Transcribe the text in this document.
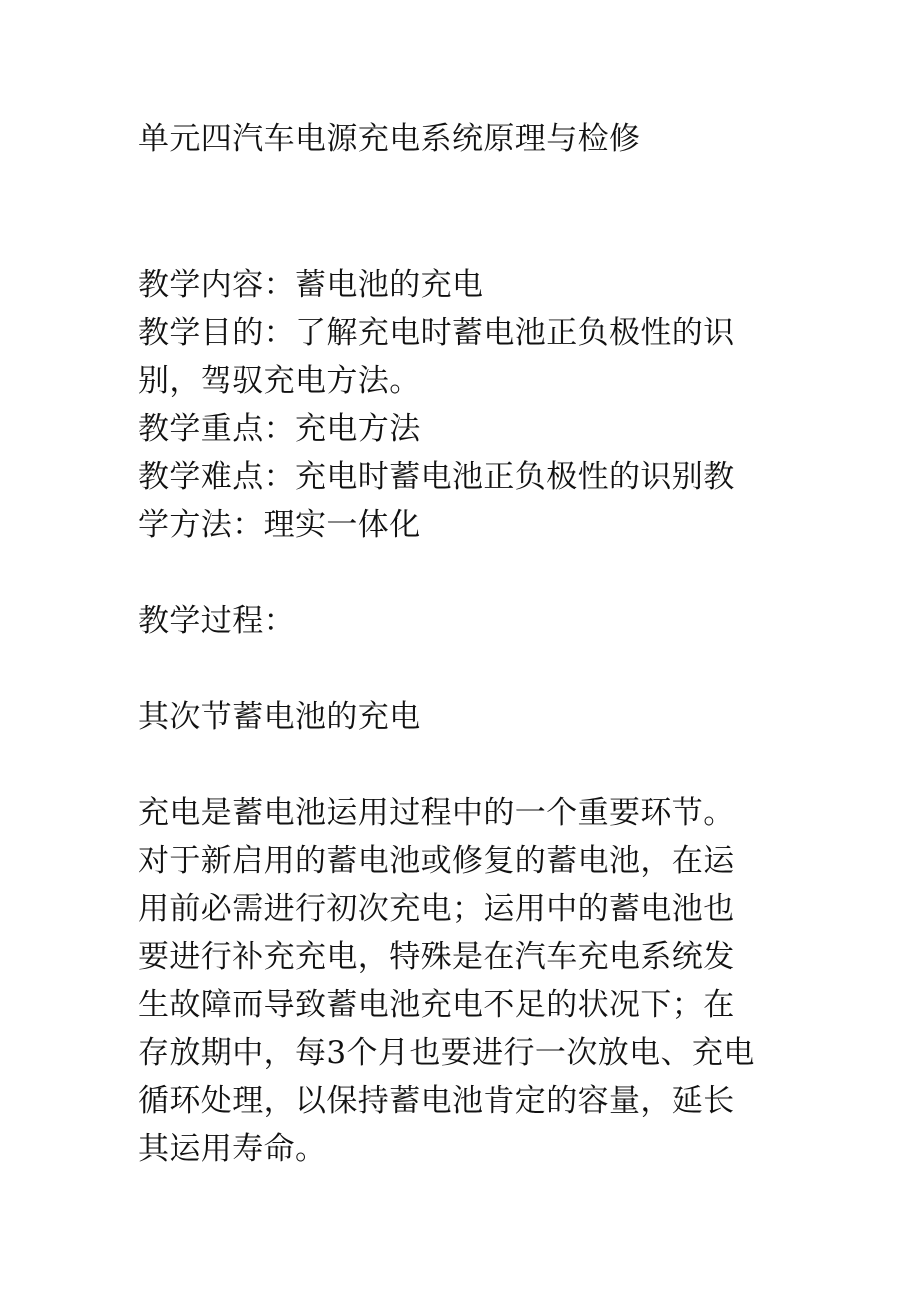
单元四汽车电源充电系统原理与检修

教学内容：蓄电池的充电

教学目的：了解充电时蓄电池正负极性的识

别，驾驭充电方法。

教学重点：充电方法

教学难点：充电时蓄电池正负极性的识别教

学方法：理实一体化

教学过程：

其次节蓄电池的充电

充电是蓄电池运用过程中的一个重要环节。

对于新启用的蓄电池或修复的蓄电池，在运

用前必需进行初次充电；运用中的蓄电池也

要进行补充充电，特殊是在汽车充电系统发

生故障而导致蓄电池充电不足的状况下；在

存放期中，每3个月也要进行一次放电、充电

循环处理，以保持蓄电池肯定的容量，延长

其运用寿命。
